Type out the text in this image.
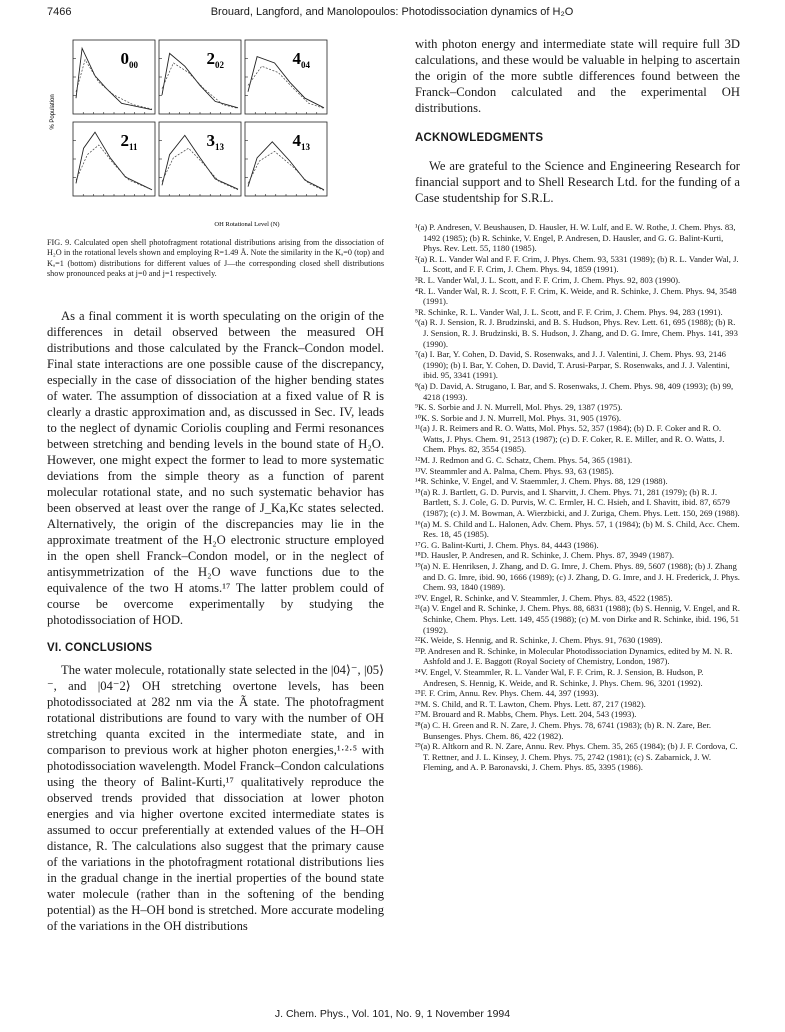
7466	Brouard, Langford, and Manolopoulos: Photodissociation dynamics of H₂O
% Population
OH Rotational Level (N)
$0_{00}$	$2_{02}$	$4_{04}$
$2_{11}$	$3_{13}$	$4_{13}$

FIG. 9. Calculated open shell photofragment rotational distributions arising from the dissociation of H₂O in the rotational levels shown and employing R=1.49 Å. Note the similarity in the Kₐ=0 (top) and Kₐ=1 (bottom) distributions for different values of J—the corresponding closed shell distributions show pronounced peaks at j=0 and j=1 respectively.

As a final comment it is worth speculating on the origin of the differences in detail observed between the measured OH distributions and those calculated by the Franck–Condon model. Final state interactions are one possible cause of the discrepancy, especially in the case of dissociation of the higher bending states of water. The assumption of dissociation at a fixed value of R is clearly a drastic approximation and, as discussed in Sec. IV, leads to the neglect of dynamic Coriolis coupling and Fermi resonances between stretching and bending levels in the bound state of H₂O. However, one might expect the former to lead to more systematic deviations from the simple theory as a function of parent molecular rotational state, and no such systematic behavior has been observed at least over the range of J_Ka,Kc states selected. Alternatively, the origin of the discrepancies may lie in the approximate treatment of the H₂O electronic structure employed in the open shell Franck–Condon model, or in the neglect of antisymmetrization of the H₂O wave functions due to the equivalence of the two H atoms.¹⁷ The latter problem could of course be overcome experimentally by studying the photodissociation of HOD.

VI. CONCLUSIONS

The water molecule, rotationally state selected in the |04⟩⁻, |05⟩⁻, and |04⁻2⟩ OH stretching overtone levels, has been photodissociated at 282 nm via the Ã state. The photofragment rotational distributions are found to vary with the number of OH stretching quanta excited in the intermediate state, and in comparison to previous work at higher photon energies,¹·²·⁵ with photodissociation wavelength. Model Franck–Condon calculations using the theory of Balint-Kurti,¹⁷ qualitatively reproduce the observed trends provided that dissociation at lower photon energies and via higher overtone excited intermediate states is assumed to occur preferentially at extended values of the H–OH distance, R. The calculations also suggest that the primary cause of the variations in the photofragment rotational distributions lies in the gradual change in the inertial properties of the bound state water molecule (rather than in the softening of the bending potential) as the H–OH bond is stretched. More accurate modeling of the variations in the OH distributions

with photon energy and intermediate state will require full 3D calculations, and these would be valuable in helping to ascertain the origin of the more subtle differences found between the Franck–Condon calculated and the experimental OH distributions.

ACKNOWLEDGMENTS

We are grateful to the Science and Engineering Research for financial support and to Shell Research Ltd. for the funding of a Case studentship for S.R.L.

¹(a) P. Andresen, V. Beushausen, D. Hausler, H. W. Lulf, and E. W. Rothe, J. Chem. Phys. 83, 1492 (1985); (b) R. Schinke, V. Engel, P. Andresen, D. Hausler, and G. G. Balint-Kurti, Phys. Rev. Lett. 55, 1180 (1985).

²(a) R. L. Vander Wal and F. F. Crim, J. Phys. Chem. 93, 5331 (1989); (b) R. L. Vander Wal, J. L. Scott, and F. F. Crim, J. Chem. Phys. 94, 1859 (1991).

³R. L. Vander Wal, J. L. Scott, and F. F. Crim, J. Chem. Phys. 92, 803 (1990).

⁴R. L. Vander Wal, R. J. Scott, F. F. Crim, K. Weide, and R. Schinke, J. Chem. Phys. 94, 3548 (1991).

⁵R. Schinke, R. L. Vander Wal, J. L. Scott, and F. F. Crim, J. Chem. Phys. 94, 283 (1991).

⁶(a) R. J. Sension, R. J. Brudzinski, and B. S. Hudson, Phys. Rev. Lett. 61, 695 (1988); (b) R. J. Sension, R. J. Brudzinski, B. S. Hudson, J. Zhang, and D. G. Imre, Chem. Phys. 141, 393 (1990).

⁷(a) I. Bar, Y. Cohen, D. David, S. Rosenwaks, and J. J. Valentini, J. Chem. Phys. 93, 2146 (1990); (b) I. Bar, Y. Cohen, D. David, T. Arusi-Parpar, S. Rosenwaks, and J. J. Valentini, ibid. 95, 3341 (1991).

⁸(a) D. David, A. Strugano, I. Bar, and S. Rosenwaks, J. Chem. Phys. 98, 409 (1993); (b) 99, 4218 (1993).

⁹K. S. Sorbie and J. N. Murrell, Mol. Phys. 29, 1387 (1975).

¹⁰K. S. Sorbie and J. N. Murrell, Mol. Phys. 31, 905 (1976).

¹¹(a) J. R. Reimers and R. O. Watts, Mol. Phys. 52, 357 (1984); (b) D. F. Coker and R. O. Watts, J. Phys. Chem. 91, 2513 (1987); (c) D. F. Coker, R. E. Miller, and R. O. Watts, J. Chem. Phys. 82, 3554 (1985).

¹²M. J. Redmon and G. C. Schatz, Chem. Phys. 54, 365 (1981).

¹³V. Steammler and A. Palma, Chem. Phys. 93, 63 (1985).

¹⁴R. Schinke, V. Engel, and V. Staemmler, J. Chem. Phys. 88, 129 (1988).

¹⁵(a) R. J. Bartlett, G. D. Purvis, and I. Sharvitt, J. Chem. Phys. 71, 281 (1979); (b) R. J. Bartlett, S. J. Cole, G. D. Purvis, W. C. Ermler, H. C. Hsieh, and I. Shavitt, ibid. 87, 6579 (1987); (c) J. M. Bowman, A. Wierzbicki, and J. Zuriga, Chem. Phys. Lett. 150, 269 (1988).

¹⁶(a) M. S. Child and L. Halonen, Adv. Chem. Phys. 57, 1 (1984); (b) M. S. Child, Acc. Chem. Res. 18, 45 (1985).

¹⁷G. G. Balint-Kurti, J. Chem. Phys. 84, 4443 (1986).

¹⁸D. Hausler, P. Andresen, and R. Schinke, J. Chem. Phys. 87, 3949 (1987).

¹⁹(a) N. E. Henriksen, J. Zhang, and D. G. Imre, J. Chem. Phys. 89, 5607 (1988); (b) J. Zhang and D. G. Imre, ibid. 90, 1666 (1989); (c) J. Zhang, D. G. Imre, and J. H. Frederick, J. Phys. Chem. 93, 1840 (1989).

²⁰V. Engel, R. Schinke, and V. Steammler, J. Chem. Phys. 83, 4522 (1985).

²¹(a) V. Engel and R. Schinke, J. Chem. Phys. 88, 6831 (1988); (b) S. Hennig, V. Engel, and R. Schinke, Chem. Phys. Lett. 149, 455 (1988); (c) M. von Dirke and R. Schinke, ibid. 196, 51 (1992).

²²K. Weide, S. Hennig, and R. Schinke, J. Chem. Phys. 91, 7630 (1989).

²³P. Andresen and R. Schinke, in Molecular Photodissociation Dynamics, edited by M. N. R. Ashfold and J. E. Baggott (Royal Society of Chemistry, London, 1987).

²⁴V. Engel, V. Steammler, R. L. Vander Wal, F. F. Crim, R. J. Sension, B. Hudson, P. Andresen, S. Hennig, K. Weide, and R. Schinke, J. Phys. Chem. 96, 3201 (1992).

²⁵F. F. Crim, Annu. Rev. Phys. Chem. 44, 397 (1993).

²⁶M. S. Child, and R. T. Lawton, Chem. Phys. Lett. 87, 217 (1982).

²⁷M. Brouard and R. Mabbs, Chem. Phys. Lett. 204, 543 (1993).

²⁸(a) C. H. Green and R. N. Zare, J. Chem. Phys. 78, 6741 (1983); (b) R. N. Zare, Ber. Bunsenges. Phys. Chem. 86, 422 (1982).

²⁹(a) R. Altkorn and R. N. Zare, Annu. Rev. Phys. Chem. 35, 265 (1984); (b) J. F. Cordova, C. T. Rettner, and J. L. Kinsey, J. Chem. Phys. 75, 2742 (1981); (c) S. Zabarnick, J. W. Fleming, and A. P. Baronavski, J. Chem. Phys. 85, 3395 (1986).

J. Chem. Phys., Vol. 101, No. 9, 1 November 1994
